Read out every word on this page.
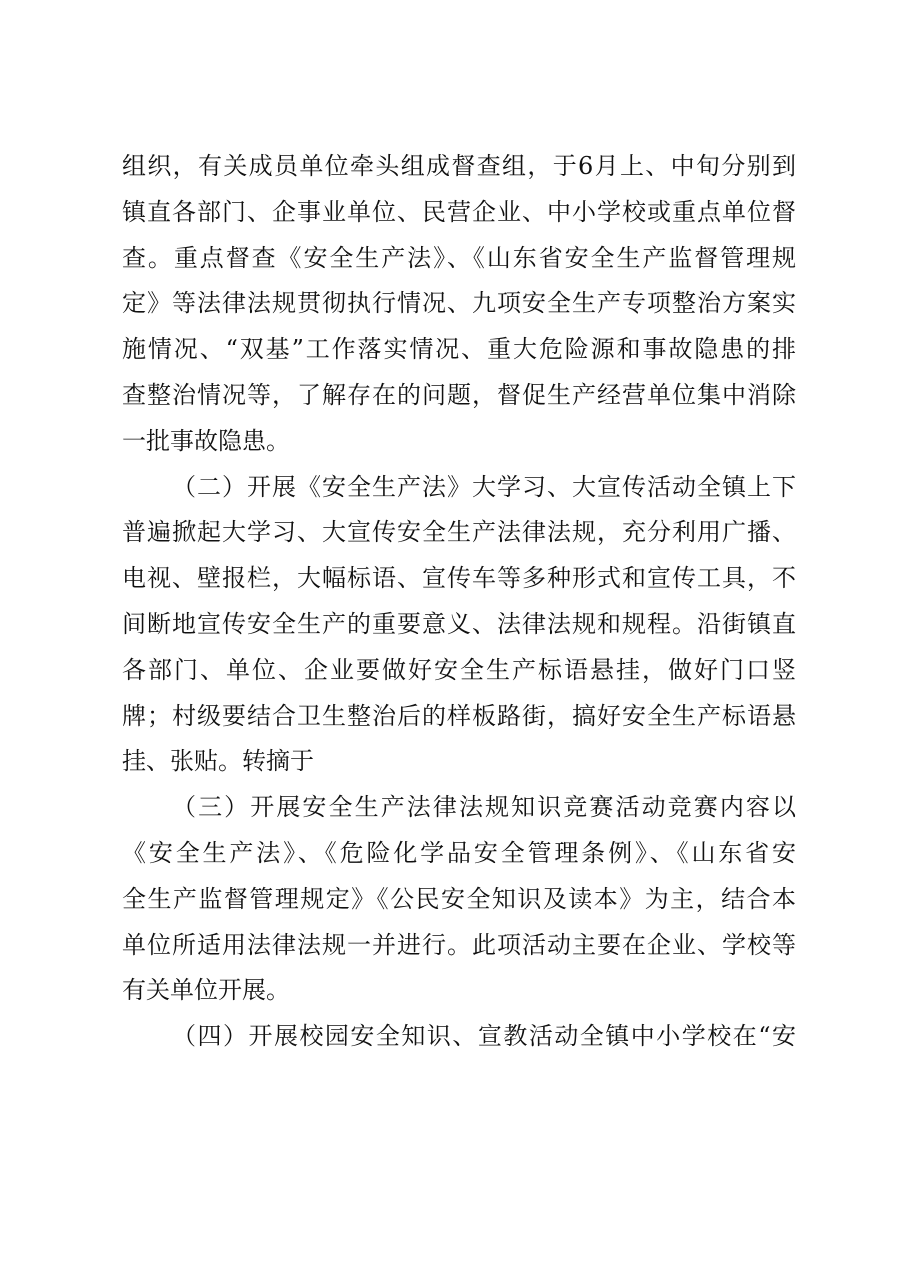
组织，有关成员单位牵头组成督查组，于6月上、中旬分别到
镇直各部门、企事业单位、民营企业、中小学校或重点单位督
查。重点督查《安全生产法》、《山东省安全生产监督管理规
定》等法律法规贯彻执行情况、九项安全生产专项整治方案实
施情况、“双基”工作落实情况、重大危险源和事故隐患的排
查整治情况等，了解存在的问题，督促生产经营单位集中消除
一批事故隐患。
（二）开展《安全生产法》大学习、大宣传活动全镇上下
普遍掀起大学习、大宣传安全生产法律法规，充分利用广播、
电视、壁报栏，大幅标语、宣传车等多种形式和宣传工具，不
间断地宣传安全生产的重要意义、法律法规和规程。沿街镇直
各部门、单位、企业要做好安全生产标语悬挂，做好门口竖
牌；村级要结合卫生整治后的样板路街，搞好安全生产标语悬
挂、张贴。转摘于
（三）开展安全生产法律法规知识竞赛活动竞赛内容以
《安全生产法》、《危险化学品安全管理条例》、《山东省安
全生产监督管理规定》《公民安全知识及读本》为主，结合本
单位所适用法律法规一并进行。此项活动主要在企业、学校等
有关单位开展。
（四）开展校园安全知识、宣教活动全镇中小学校在“安
